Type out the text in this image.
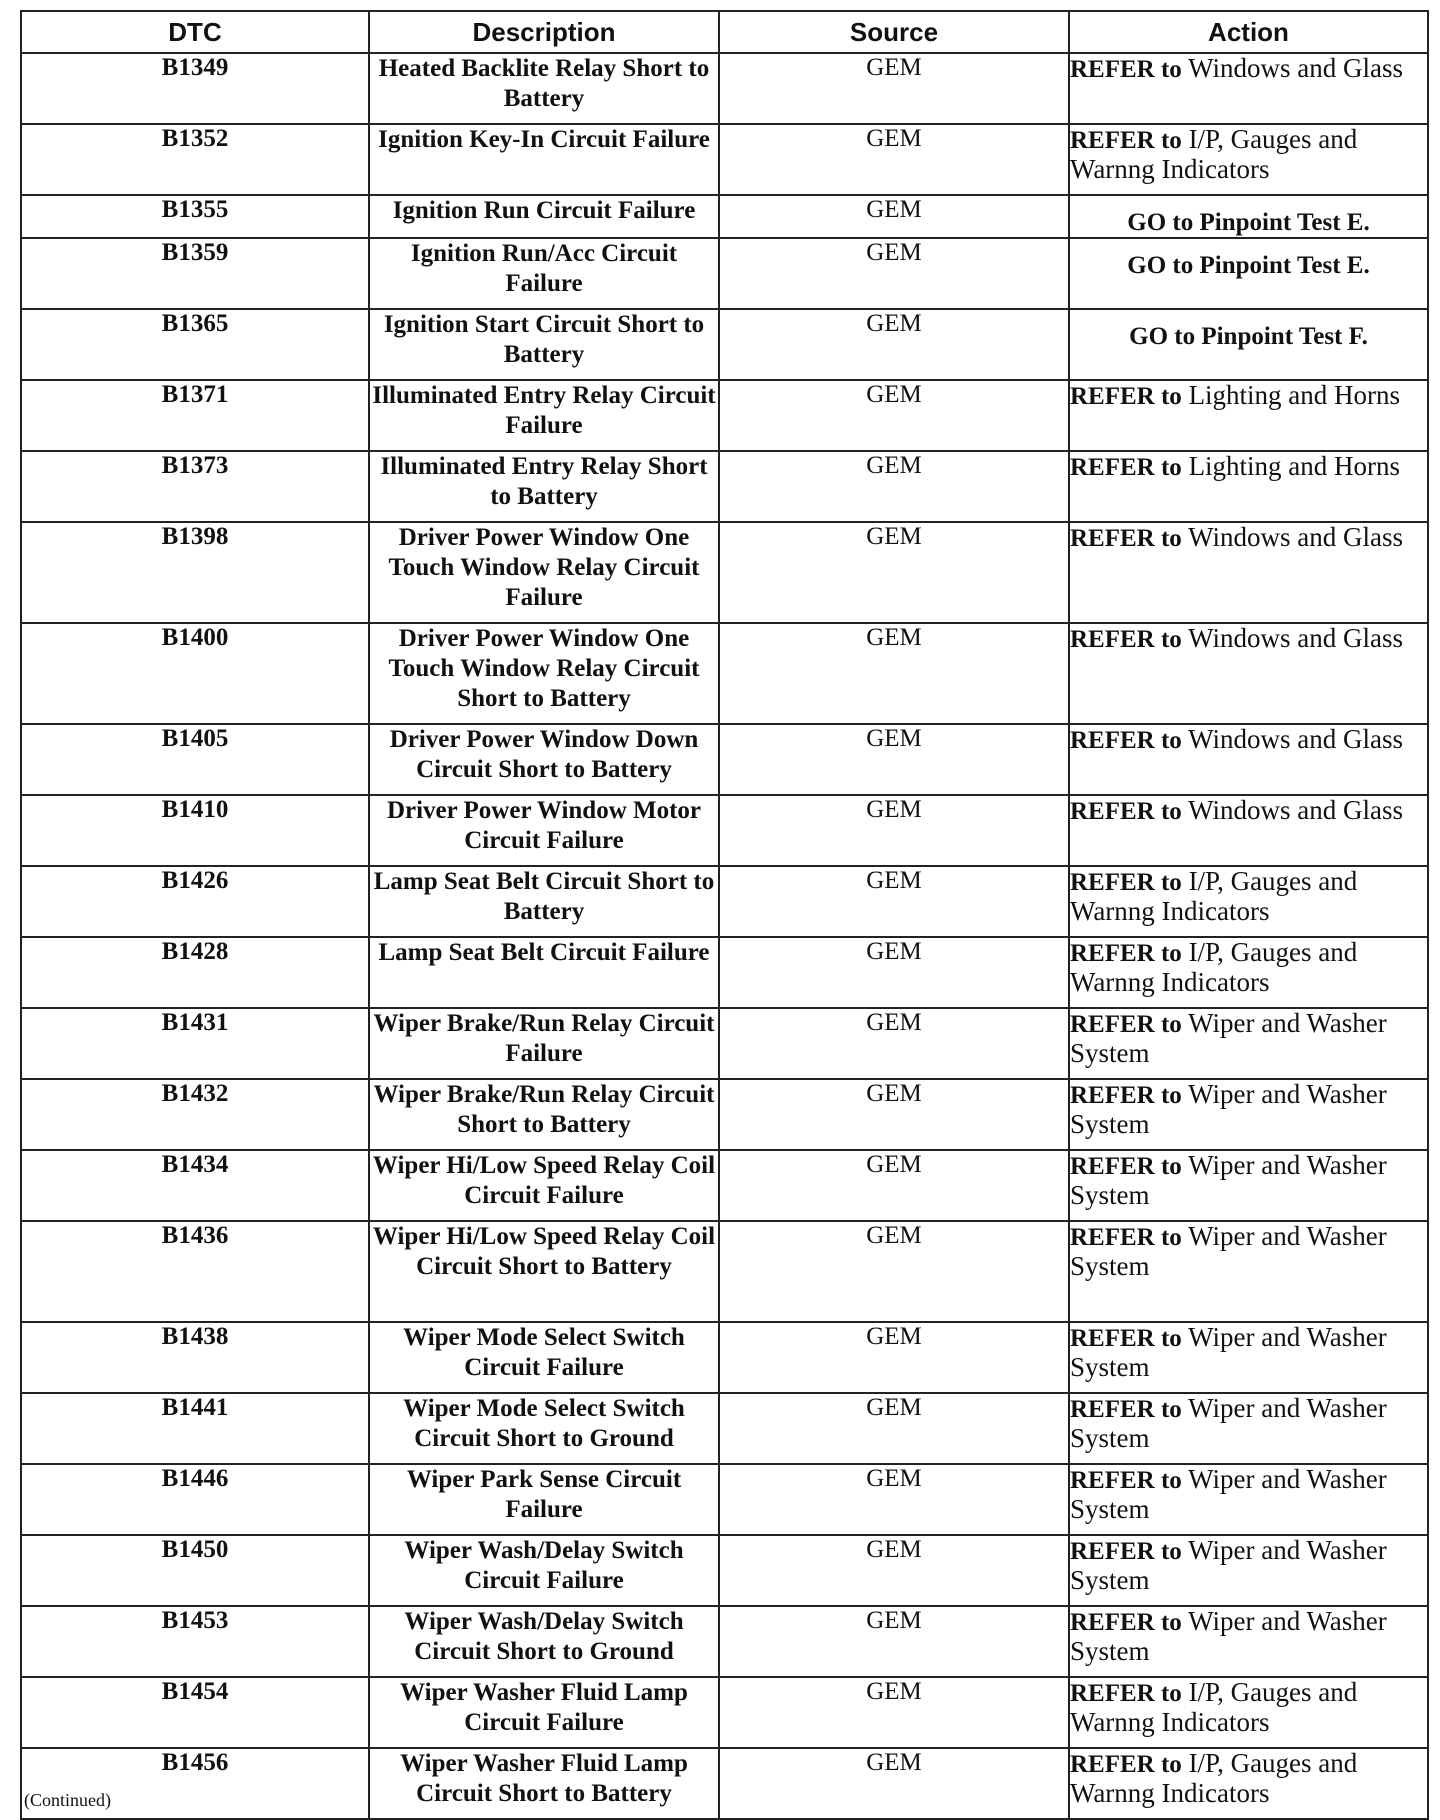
DTC	Description	Source	Action
B1349	Heated Backlite Relay Short to Battery	GEM	REFER to Windows and Glass
B1352	Ignition Key-In Circuit Failure	GEM	REFER to I/P, Gauges and Warnng Indicators
B1355	Ignition Run Circuit Failure	GEM	GO to Pinpoint Test E.
B1359	Ignition Run/Acc Circuit Failure	GEM	GO to Pinpoint Test E.
B1365	Ignition Start Circuit Short to Battery	GEM	GO to Pinpoint Test F.
B1371	Illuminated Entry Relay Circuit Failure	GEM	REFER to Lighting and Horns
B1373	Illuminated Entry Relay Short to Battery	GEM	REFER to Lighting and Horns
B1398	Driver Power Window One Touch Window Relay Circuit Failure	GEM	REFER to Windows and Glass
B1400	Driver Power Window One Touch Window Relay Circuit Short to Battery	GEM	REFER to Windows and Glass
B1405	Driver Power Window Down Circuit Short to Battery	GEM	REFER to Windows and Glass
B1410	Driver Power Window Motor Circuit Failure	GEM	REFER to Windows and Glass
B1426	Lamp Seat Belt Circuit Short to Battery	GEM	REFER to I/P, Gauges and Warnng Indicators
B1428	Lamp Seat Belt Circuit Failure	GEM	REFER to I/P, Gauges and Warnng Indicators
B1431	Wiper Brake/Run Relay Circuit Failure	GEM	REFER to Wiper and Washer System
B1432	Wiper Brake/Run Relay Circuit Short to Battery	GEM	REFER to Wiper and Washer System
B1434	Wiper Hi/Low Speed Relay Coil Circuit Failure	GEM	REFER to Wiper and Washer System
B1436	Wiper Hi/Low Speed Relay Coil Circuit Short to Battery	GEM	REFER to Wiper and Washer System
B1438	Wiper Mode Select Switch Circuit Failure	GEM	REFER to Wiper and Washer System
B1441	Wiper Mode Select Switch Circuit Short to Ground	GEM	REFER to Wiper and Washer System
B1446	Wiper Park Sense Circuit Failure	GEM	REFER to Wiper and Washer System
B1450	Wiper Wash/Delay Switch Circuit Failure	GEM	REFER to Wiper and Washer System
B1453	Wiper Wash/Delay Switch Circuit Short to Ground	GEM	REFER to Wiper and Washer System
B1454	Wiper Washer Fluid Lamp Circuit Failure	GEM	REFER to I/P, Gauges and Warnng Indicators
B1456	Wiper Washer Fluid Lamp Circuit Short to Battery	GEM	REFER to I/P, Gauges and Warnng Indicators
(Continued)
